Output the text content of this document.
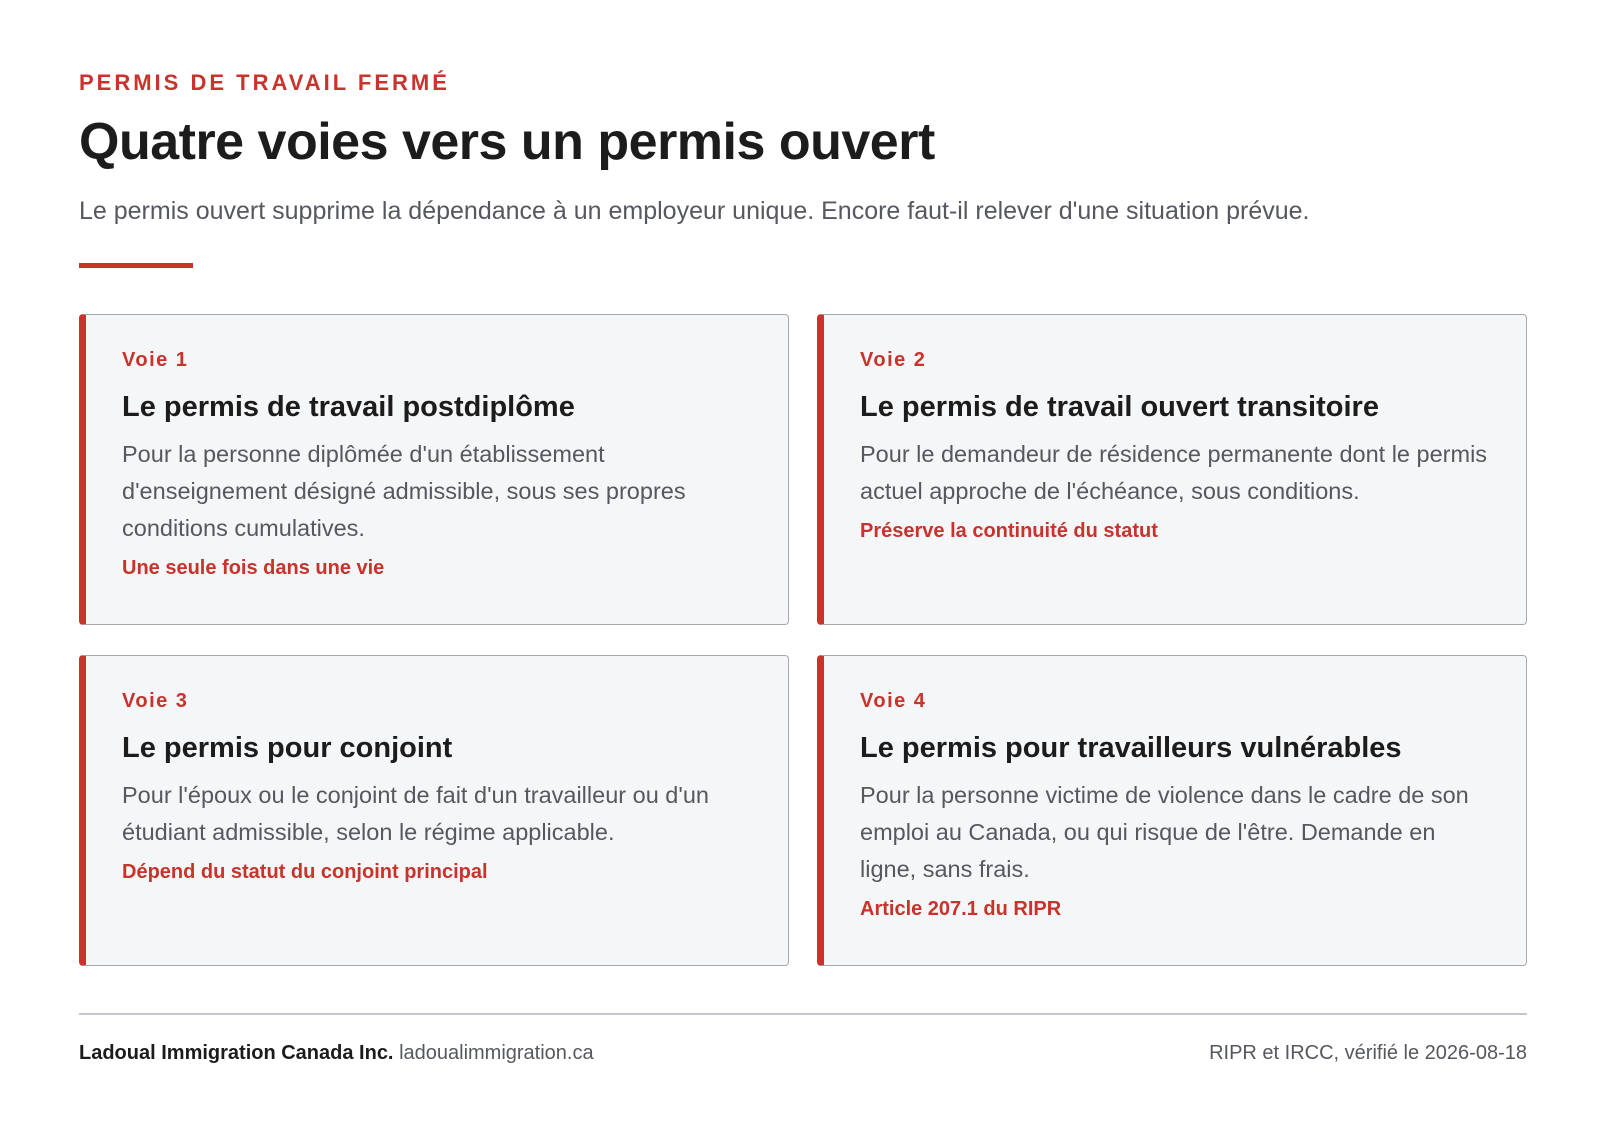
PERMIS DE TRAVAIL FERMÉ
Quatre voies vers un permis ouvert

Le permis ouvert supprime la dépendance à un employeur unique. Encore faut-il relever d'une situation prévue.

Voie 1
Le permis de travail postdiplôme
Pour la personne diplômée d'un établissement d'enseignement désigné admissible, sous ses propres conditions cumulatives.
Une seule fois dans une vie
Voie 2
Le permis de travail ouvert transitoire
Pour le demandeur de résidence permanente dont le permis actuel approche de l'échéance, sous conditions.
Préserve la continuité du statut
Voie 3
Le permis pour conjoint
Pour l'époux ou le conjoint de fait d'un travailleur ou d'un étudiant admissible, selon le régime applicable.
Dépend du statut du conjoint principal
Voie 4
Le permis pour travailleurs vulnérables
Pour la personne victime de violence dans le cadre de son emploi au Canada, ou qui risque de l'être. Demande en ligne, sans frais.
Article 207.1 du RIPR
Ladoual Immigration Canada Inc. ladoualimmigration.ca	RIPR et IRCC, vérifié le 2026-08-18
